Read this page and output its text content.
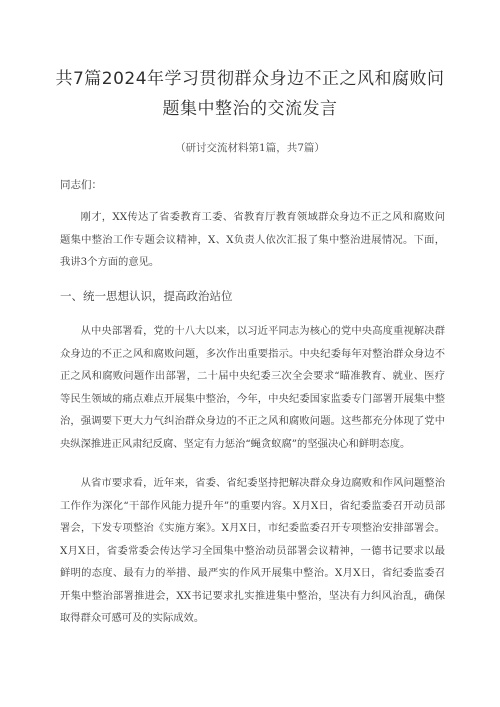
共7篇2024年学习贯彻群众身边不正之风和腐败问
题集中整治的交流发言
（研讨交流材料第1篇，共7篇）
同志们：

刚才，XX传达了省委教育工委、省教育厅教育领域群众身边不正之风和腐败问题集中整治工作专题会议精神，X、X负责人依次汇报了集中整治进展情况。下面，我讲3个方面的意见。

一、统一思想认识，提高政治站位

从中央部署看，党的十八大以来，以习近平同志为核心的党中央高度重视解决群众身边的不正之风和腐败问题，多次作出重要指示。中央纪委每年对整治群众身边不正之风和腐败问题作出部署，二十届中央纪委三次全会要求“瞄准教育、就业、医疗等民生领域的痛点难点开展集中整治，今年，中央纪委国家监委专门部署开展集中整治，强调要下更大力气纠治群众身边的不正之风和腐败问题。这些都充分体现了党中央纵深推进正风肃纪反腐、坚定有力惩治“蝇贪蚁腐”的坚强决心和鲜明态度。

从省市要求看，近年来，省委、省纪委坚持把解决群众身边腐败和作风问题整治工作作为深化“干部作风能力提升年”的重要内容。X月X日，省纪委监委召开动员部署会，下发专项整治《实施方案》。X月X日，市纪委监委召开专项整治安排部署会。X月X日，省委常委会传达学习全国集中整治动员部署会议精神，一德书记要求以最鲜明的态度、最有力的举措、最严实的作风开展集中整治。X月X日，省纪委监委召开集中整治部署推进会，XX书记要求扎实推进集中整治，坚决有力纠风治乱，确保取得群众可感可及的实际成效。
